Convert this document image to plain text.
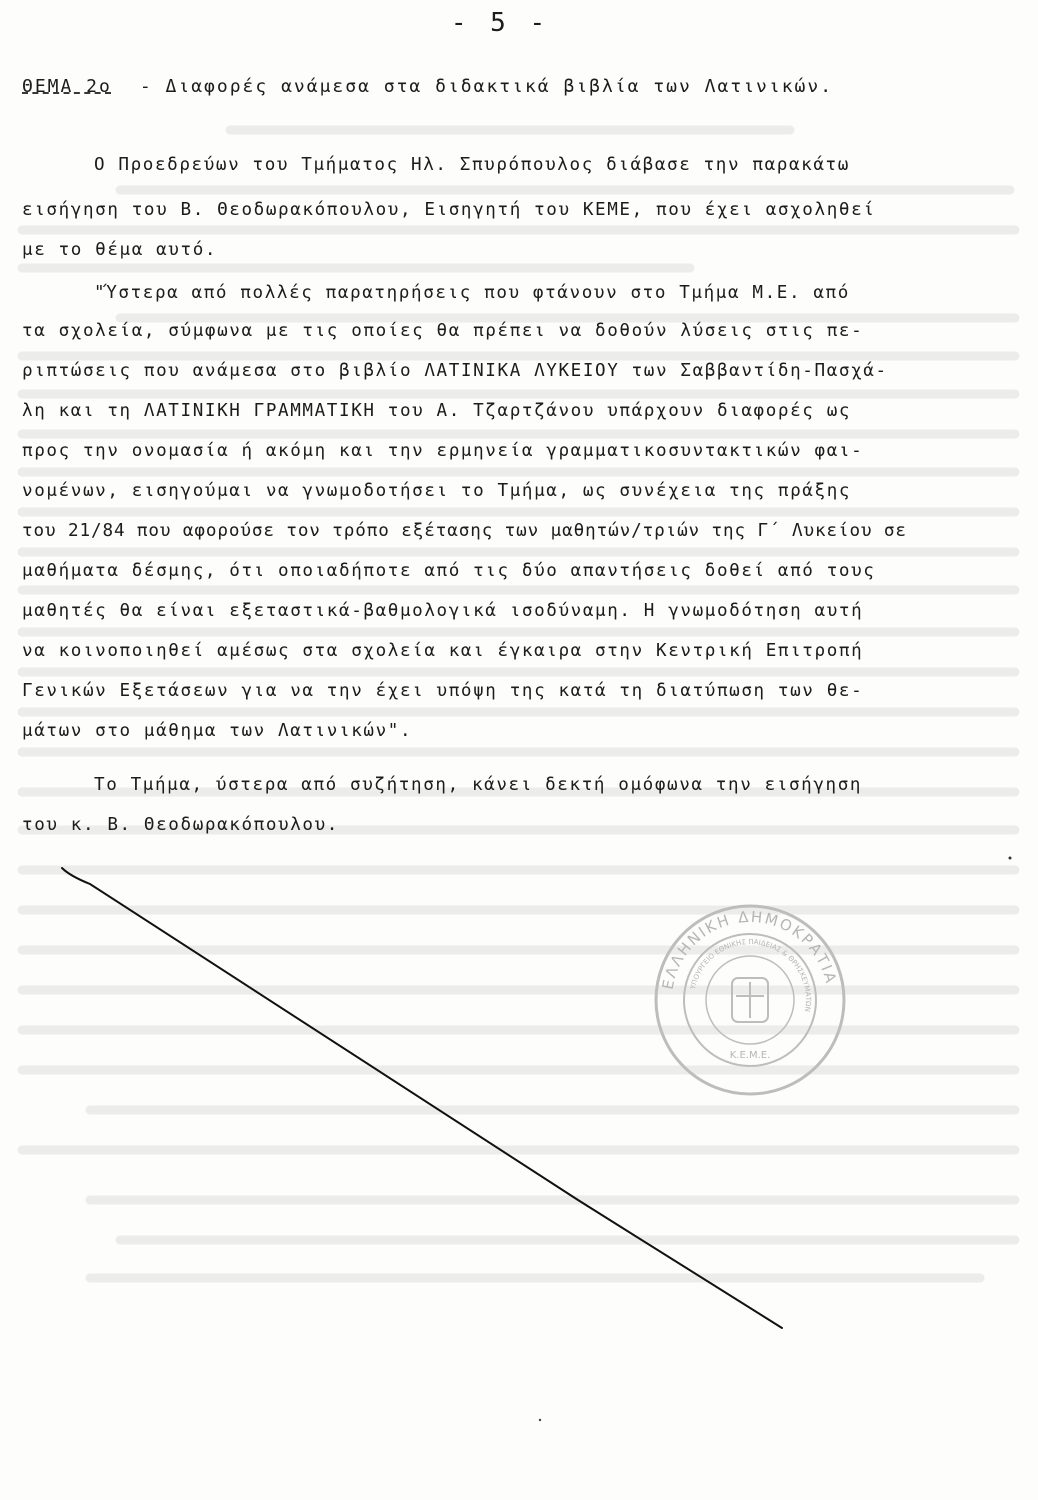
- 5 -
ΘΕΜΑ 2ο - Διαφορές ανάμεσα στα διδακτικά βιβλία των Λατινικών.
Ο Προεδρεύων του Τμήματος Ηλ. Σπυρόπουλος διάβασε την παρακάτω
εισήγηση του Β. Θεοδωρακόπουλου, Εισηγητή του ΚΕΜΕ, που έχει ασχοληθεί
με το θέμα αυτό.
"Ύστερα από πολλές παρατηρήσεις που φτάνουν στο Τμήμα Μ.Ε. από
τα σχολεία, σύμφωνα με τις οποίες θα πρέπει να δοθούν λύσεις στις πε-
ριπτώσεις που ανάμεσα στο βιβλίο ΛΑΤΙΝΙΚΑ ΛΥΚΕΙΟΥ των Σαββαντίδη-Πασχά-
λη και τη ΛΑΤΙΝΙΚΗ ΓΡΑΜΜΑΤΙΚΗ του Α. Τζαρτζάνου υπάρχουν διαφορές ως
προς την ονομασία ή ακόμη και την ερμηνεία γραμματικοσυντακτικών φαι-
νομένων, εισηγούμαι να γνωμοδοτήσει το Τμήμα, ως συνέχεια της πράξης
του 21/84 που αφορούσε τον τρόπο εξέτασης των μαθητών/τριών της Γ΄ Λυκείου σε
μαθήματα δέσμης, ότι οποιαδήποτε από τις δύο απαντήσεις δοθεί από τους
μαθητές θα είναι εξεταστικά-βαθμολογικά ισοδύναμη. Η γνωμοδότηση αυτή
να κοινοποιηθεί αμέσως στα σχολεία και έγκαιρα στην Κεντρική Επιτροπή
Γενικών Εξετάσεων για να την έχει υπόψη της κατά τη διατύπωση των θε-
μάτων στο μάθημα των Λατινικών".
Το Τμήμα, ύστερα από συζήτηση, κάνει δεκτή ομόφωνα την εισήγηση
του κ. Β. Θεοδωρακόπουλου.
ΕΛΛΗΝΙΚΗ ΔΗΜΟΚΡΑΤΙΑ
ΥΠΟΥΡΓΕΙΟ ΕΘΝΙΚΗΣ ΠΑΙΔΕΙΑΣ & ΘΡΗΣΚΕΥΜΑΤΩΝ
Κ.Ε.Μ.Ε.
